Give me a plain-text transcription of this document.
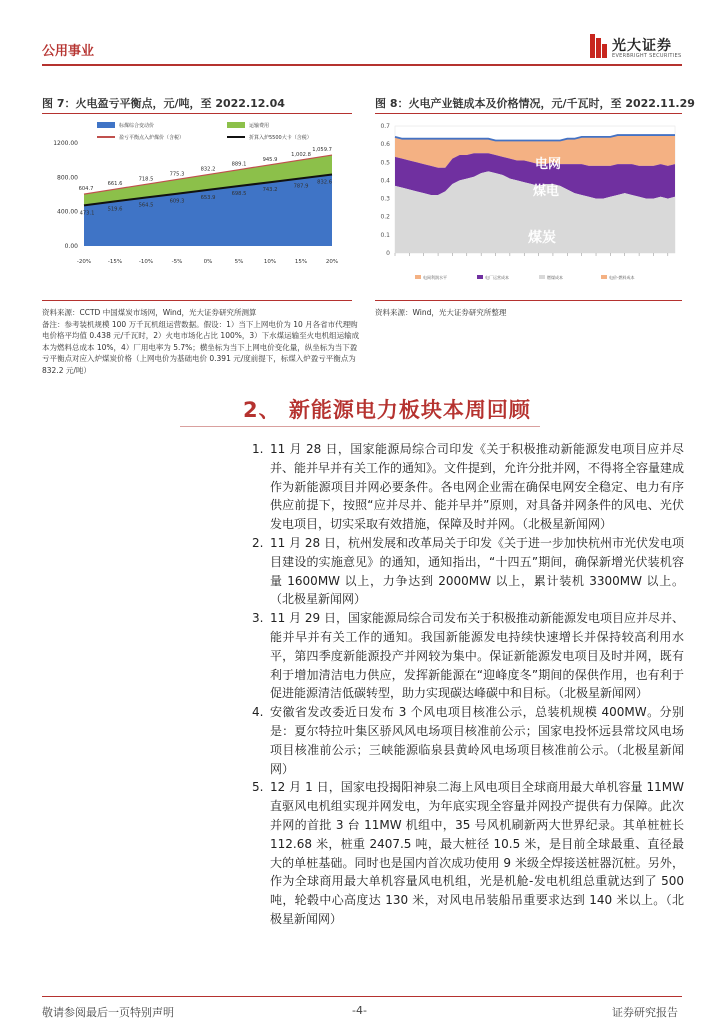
公用事业	光大证券
EVERBRIGHT SECURITIES
图 7：火电盈亏平衡点，元/吨，至 2022.12.04	图 8：火电产业链成本及价格情况，元/千瓦时，至 2022.11.29
标煤综合变动价	运输费用
盈亏平衡点入炉煤价（含税）	折算入炉5500大卡（含税）
0.00
400.00
800.00
1200.00
604.7
661.6
718.5
775.3
832.2
889.1
945.9
1,002.8
1,059.7
473.1
519.6
564.5
609.3
653.9
698.5
743.2
787.9
832.6
-20%	-15%	-10%	-5%	0%	5%	10%	15%	20%
0
0.1
0.2
0.3
0.4
0.5
0.6
0.7
电网
煤电
煤炭
电网利润水平	电厂运营成本	燃煤成本	电价-燃料成本
资料来源：CCTD 中国煤炭市场网，Wind，光大证券研究所测算
备注：参考装机规模 100 万千瓦机组运营数据。假设：1）当下上网电价为 10 月各省市代理购电价格平均值 0.438 元/千瓦时，2）火电市场化占比 100%，3）下水煤运输至火电机组运输成本为燃料总成本 10%，4）厂用电率为 5.7%；横坐标为当下上网电价变化量，纵坐标为当下盈亏平衡点对应入炉煤炭价格（上网电价为基础电价 0.391 元/度前提下，标煤入炉盈亏平衡点为 832.2 元/吨）
资料来源：Wind，光大证券研究所整理
2、 新能源电力板块本周回顾
1. 11 月 28 日，国家能源局综合司印发《关于积极推动新能源发电项目应并尽并、能并早并有关工作的通知》。文件提到，允许分批并网，不得将全容量建成作为新能源项目并网必要条件。各电网企业需在确保电网安全稳定、电力有序供应前提下，按照“应并尽并、能并早并”原则，对具备并网条件的风电、光伏发电项目，切实采取有效措施，保障及时并网。（北极星新闻网）
2. 11 月 28 日，杭州发展和改革局关于印发《关于进一步加快杭州市光伏发电项目建设的实施意见》的通知，通知指出，“十四五”期间，确保新增光伏装机容量 1600MW 以上，力争达到 2000MW 以上，累计装机 3300MW 以上。（北极星新闻网）
3. 11 月 29 日，国家能源局综合司发布关于积极推动新能源发电项目应并尽并、能并早并有关工作的通知。我国新能源发电持续快速增长并保持较高利用水平，第四季度新能源投产并网较为集中。保证新能源发电项目及时并网，既有利于增加清洁电力供应，发挥新能源在“迎峰度冬”期间的保供作用，也有利于促进能源清洁低碳转型，助力实现碳达峰碳中和目标。（北极星新闻网）
4. 安徽省发改委近日发布 3 个风电项目核准公示，总装机规模 400MW。分别是：夏尔特拉叶集区骄风风电场项目核准前公示；国家电投怀远县常坟风电场项目核准前公示；三峡能源临泉县黄岭风电场项目核准前公示。（北极星新闻网）
5. 12 月 1 日，国家电投揭阳神泉二海上风电项目全球商用最大单机容量 11MW 直驱风电机组实现并网发电，为年底实现全容量并网投产提供有力保障。此次并网的首批 3 台 11MW 机组中，35 号风机刷新两大世界纪录。其单桩桩长 112.68 米，桩重 2407.5 吨，最大桩径 10.5 米，是目前全球最重、直径最大的单桩基础。同时也是国内首次成功使用 9 米级全焊接送桩器沉桩。另外，作为全球商用最大单机容量风电机组，光是机舱-发电机组总重就达到了 500 吨，轮毂中心高度达 130 米，对风电吊装船吊重要求达到 140 米以上。（北极星新闻网）
敬请参阅最后一页特别声明	-4-	证券研究报告
